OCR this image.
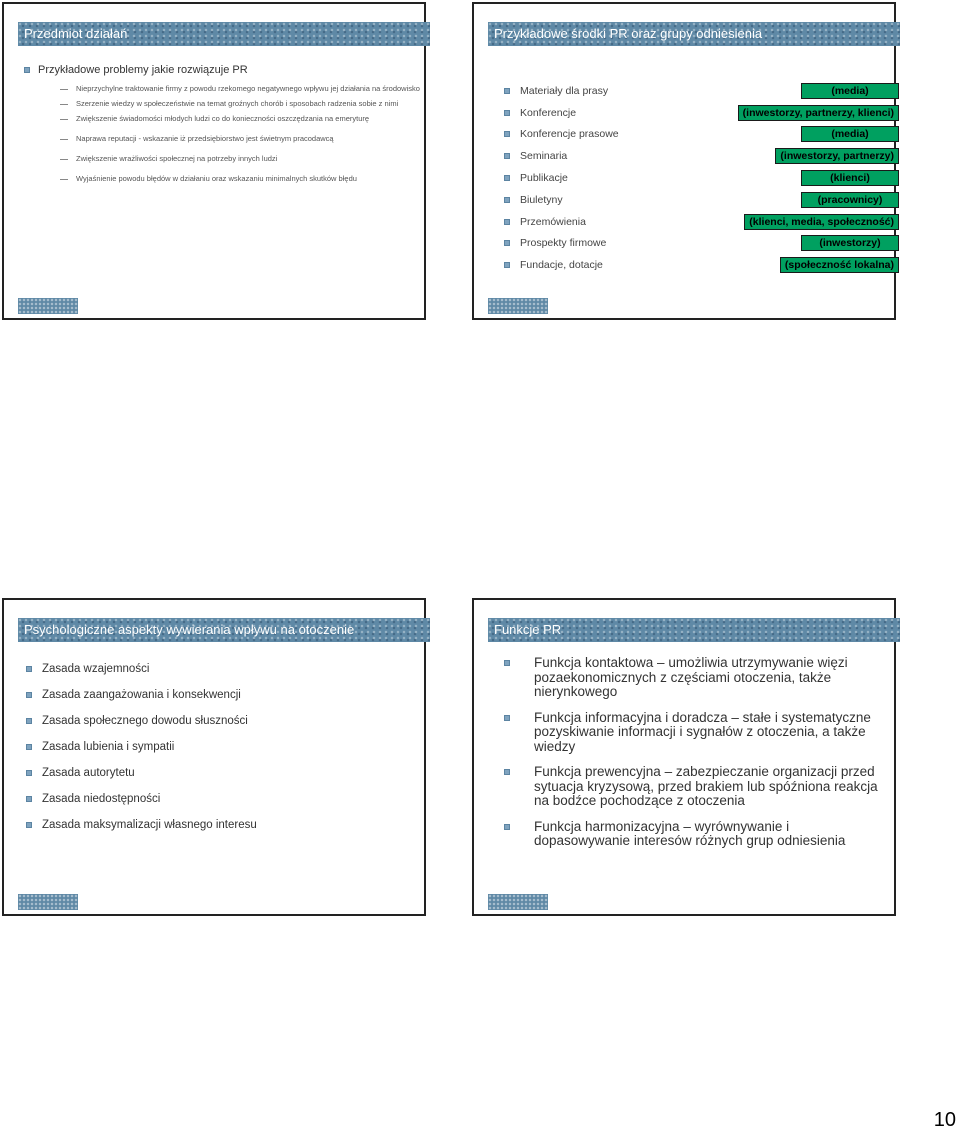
Przedmiot działań
Przykładowe problemy jakie rozwiązuje PR
Nieprzychylne traktowanie firmy z powodu rzekomego negatywnego wpływu jej działania na środowisko
Szerzenie wiedzy w społeczeństwie na temat groźnych chorób i sposobach radzenia sobie z nimi
Zwiększenie świadomości młodych ludzi co do konieczności oszczędzania na emeryturę
Naprawa reputacji - wskazanie iż przedsiębiorstwo jest świetnym pracodawcą
Zwiększenie wrażliwości społecznej na potrzeby innych ludzi
Wyjaśnienie powodu błędów w działaniu oraz wskazaniu minimalnych skutków błędu
Przykładowe środki PR oraz grupy odniesienia
Materiały dla prasy
Konferencje
Konferencje prasowe
Seminaria
Publikacje
Biuletyny
Przemówienia
Prospekty firmowe
Fundacje, dotacje
(media)
(inwestorzy, partnerzy, klienci)
(media)
(inwestorzy, partnerzy)
(klienci)
(pracownicy)
(klienci, media, społeczność)
(inwestorzy)
(społeczność lokalna)
Psychologiczne aspekty wywierania wpływu na otoczenie
Zasada wzajemności
Zasada zaangażowania i konsekwencji
Zasada społecznego dowodu słuszności
Zasada lubienia i sympatii
Zasada autorytetu
Zasada niedostępności
Zasada maksymalizacji własnego interesu
Funkcje PR
Funkcja kontaktowa – umożliwia utrzymywanie więzi pozaekonomicznych z częściami otoczenia, także nierynkowego
Funkcja informacyjna i doradcza – stałe i systematyczne pozyskiwanie informacji i sygnałów z otoczenia, a także wiedzy
Funkcja prewencyjna – zabezpieczanie organizacji przed sytuacja kryzysową, przed brakiem lub spóźniona reakcja na bodźce pochodzące z otoczenia
Funkcja harmonizacyjna – wyrównywanie i dopasowywanie interesów różnych grup odniesienia
10
